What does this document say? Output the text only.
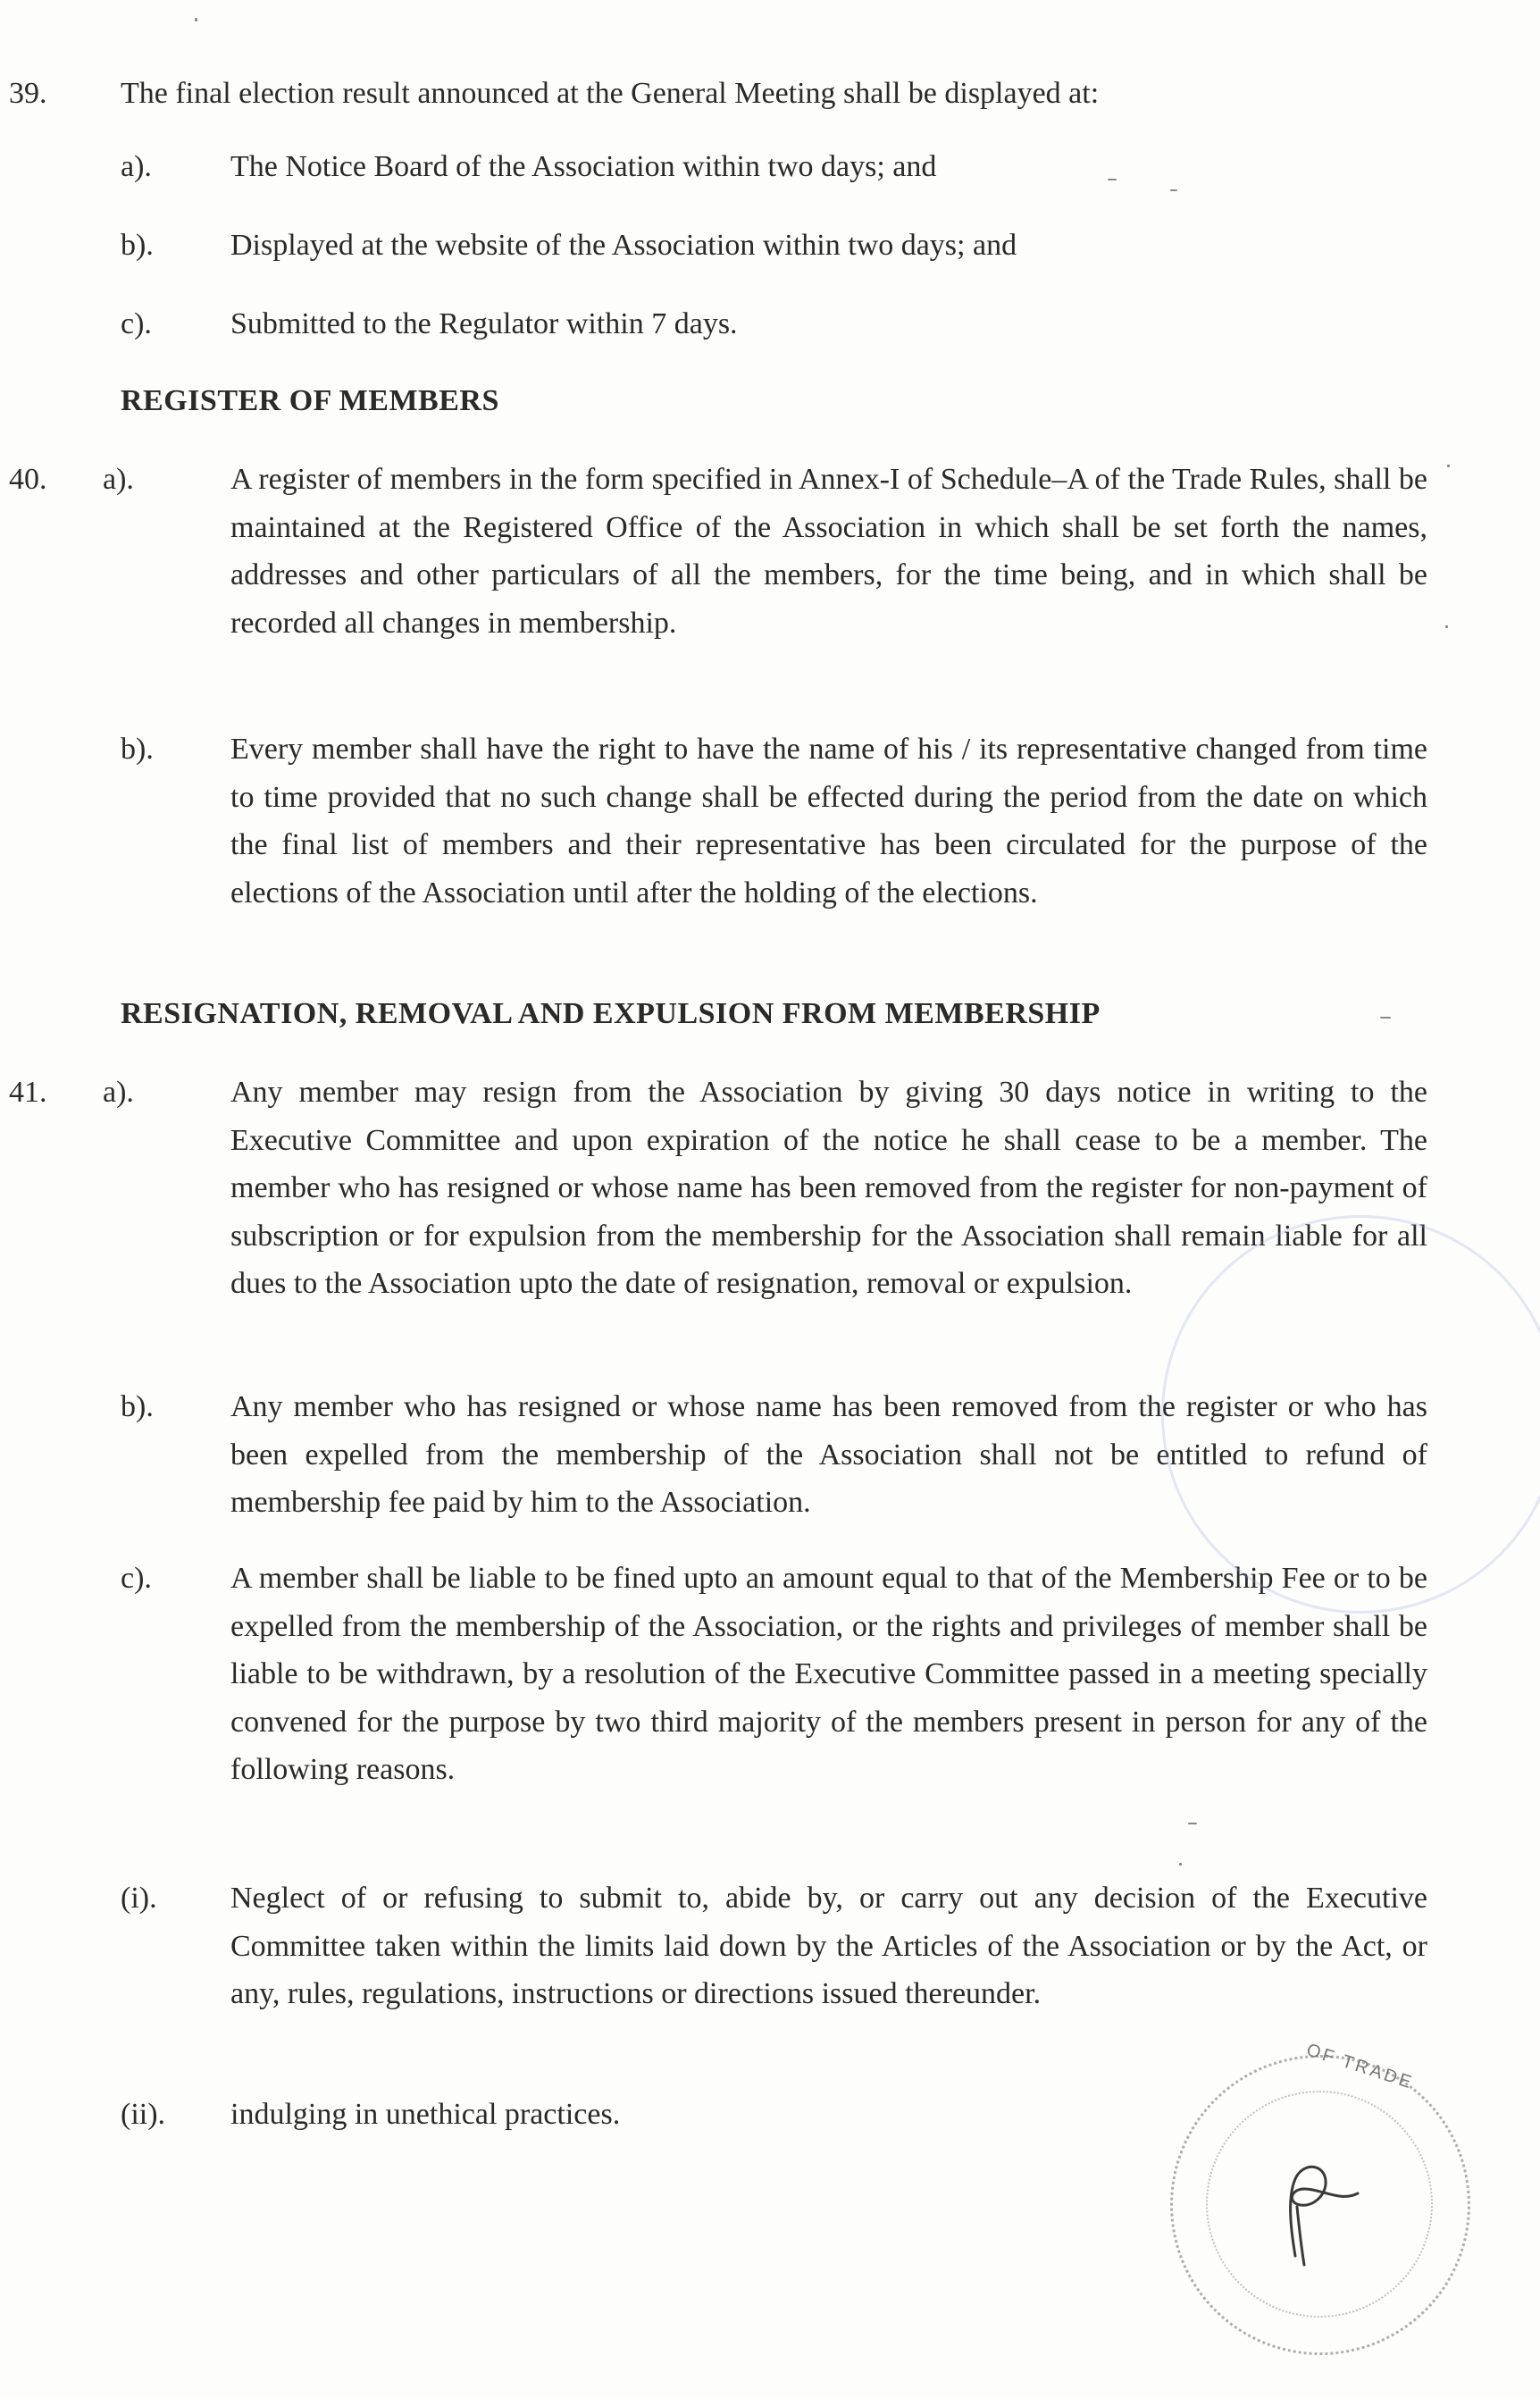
39. The final election result announced at the General Meeting shall be displayed at:
a).	The Notice Board of the Association within two days; and
b).	Displayed at the website of the Association within two days; and
c).	Submitted to the Regulator within 7 days.
REGISTER OF MEMBERS
40. a).	A register of members in the form specified in Annex-I of Schedule–A of the Trade Rules, shall be maintained at the Registered Office of the Association in which shall be set forth the names, addresses and other particulars of all the members, for the time being, and in which shall be recorded all changes in membership.
b).	Every member shall have the right to have the name of his / its representative changed from time to time provided that no such change shall be effected during the period from the date on which the final list of members and their representative has been circulated for the purpose of the elections of the Association until after the holding of the elections.
RESIGNATION, REMOVAL AND EXPULSION FROM MEMBERSHIP
41. a).	Any member may resign from the Association by giving 30 days notice in writing to the Executive Committee and upon expiration of the notice he shall cease to be a member. The member who has resigned or whose name has been removed from the register for non-payment of subscription or for expulsion from the membership for the Association shall remain liable for all dues to the Association upto the date of resignation, removal or expulsion.
b).	Any member who has resigned or whose name has been removed from the register or who has been expelled from the membership of the Association shall not be entitled to refund of membership fee paid by him to the Association.
c).	A member shall be liable to be fined upto an amount equal to that of the Membership Fee or to be expelled from the membership of the Association, or the rights and privileges of member shall be liable to be withdrawn, by a resolution of the Executive Committee passed in a meeting specially convened for the purpose by two third majority of the members present in person for any of the following reasons.
(i). Neglect of or refusing to submit to, abide by, or carry out any decision of the Executive Committee taken within the limits laid down by the Articles of the Association or by the Act, or any, rules, regulations, instructions or directions issued thereunder.
(ii). indulging in unethical practices.
OF TRADE
